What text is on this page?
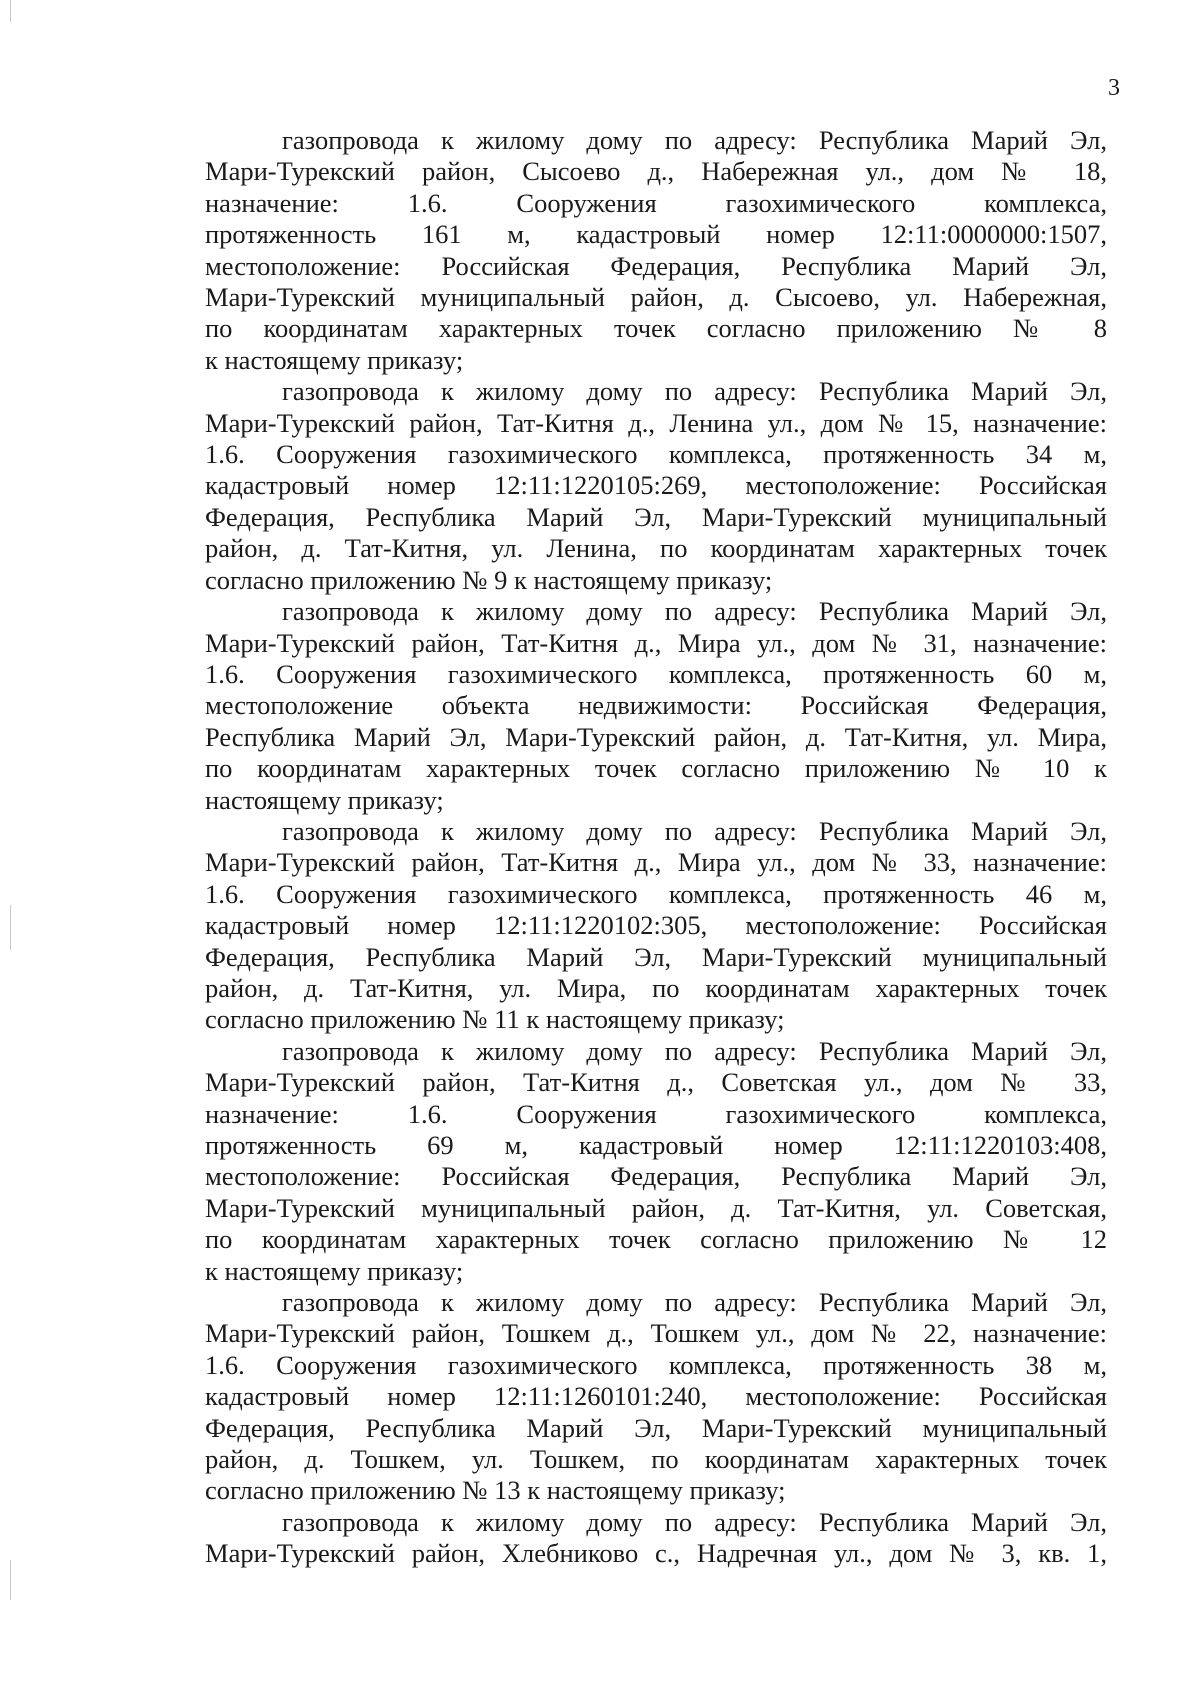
3

газопровода к жилому дому по адресу: Республика Марий Эл,
Мари-Турекский район, Сысоево д., Набережная ул., дом № 18,
назначение: 1.6. Сооружения газохимического комплекса,
протяженность 161 м, кадастровый номер 12:11:0000000:1507,
местоположение: Российская Федерация, Республика Марий Эл,
Мари-Турекский муниципальный район, д. Сысоево, ул. Набережная,
по координатам характерных точек согласно приложению № 8
к настоящему приказу;

газопровода к жилому дому по адресу: Республика Марий Эл,
Мари-Турекский район, Тат-Китня д., Ленина ул., дом № 15, назначение:
1.6. Сооружения газохимического комплекса, протяженность 34 м,
кадастровый номер 12:11:1220105:269, местоположение: Российская
Федерация, Республика Марий Эл, Мари-Турекский муниципальный
район, д. Тат-Китня, ул. Ленина, по координатам характерных точек
согласно приложению № 9 к настоящему приказу;

газопровода к жилому дому по адресу: Республика Марий Эл,
Мари-Турекский район, Тат-Китня д., Мира ул., дом № 31, назначение:
1.6. Сооружения газохимического комплекса, протяженность 60 м,
местоположение объекта недвижимости: Российская Федерация,
Республика Марий Эл, Мари-Турекский район, д. Тат-Китня, ул. Мира,
по координатам характерных точек согласно приложению № 10 к
настоящему приказу;

газопровода к жилому дому по адресу: Республика Марий Эл,
Мари-Турекский район, Тат-Китня д., Мира ул., дом № 33, назначение:
1.6. Сооружения газохимического комплекса, протяженность 46 м,
кадастровый номер 12:11:1220102:305, местоположение: Российская
Федерация, Республика Марий Эл, Мари-Турекский муниципальный
район, д. Тат-Китня, ул. Мира, по координатам характерных точек
согласно приложению № 11 к настоящему приказу;

газопровода к жилому дому по адресу: Республика Марий Эл,
Мари-Турекский район, Тат-Китня д., Советская ул., дом № 33,
назначение: 1.6. Сооружения газохимического комплекса,
протяженность 69 м, кадастровый номер 12:11:1220103:408,
местоположение: Российская Федерация, Республика Марий Эл,
Мари-Турекский муниципальный район, д. Тат-Китня, ул. Советская,
по координатам характерных точек согласно приложению № 12
к настоящему приказу;

газопровода к жилому дому по адресу: Республика Марий Эл,
Мари-Турекский район, Тошкем д., Тошкем ул., дом № 22, назначение:
1.6. Сооружения газохимического комплекса, протяженность 38 м,
кадастровый номер 12:11:1260101:240, местоположение: Российская
Федерация, Республика Марий Эл, Мари-Турекский муниципальный
район, д. Тошкем, ул. Тошкем, по координатам характерных точек
согласно приложению № 13 к настоящему приказу;

газопровода к жилому дому по адресу: Республика Марий Эл,
Мари-Турекский район, Хлебниково с., Надречная ул., дом № 3, кв. 1,
